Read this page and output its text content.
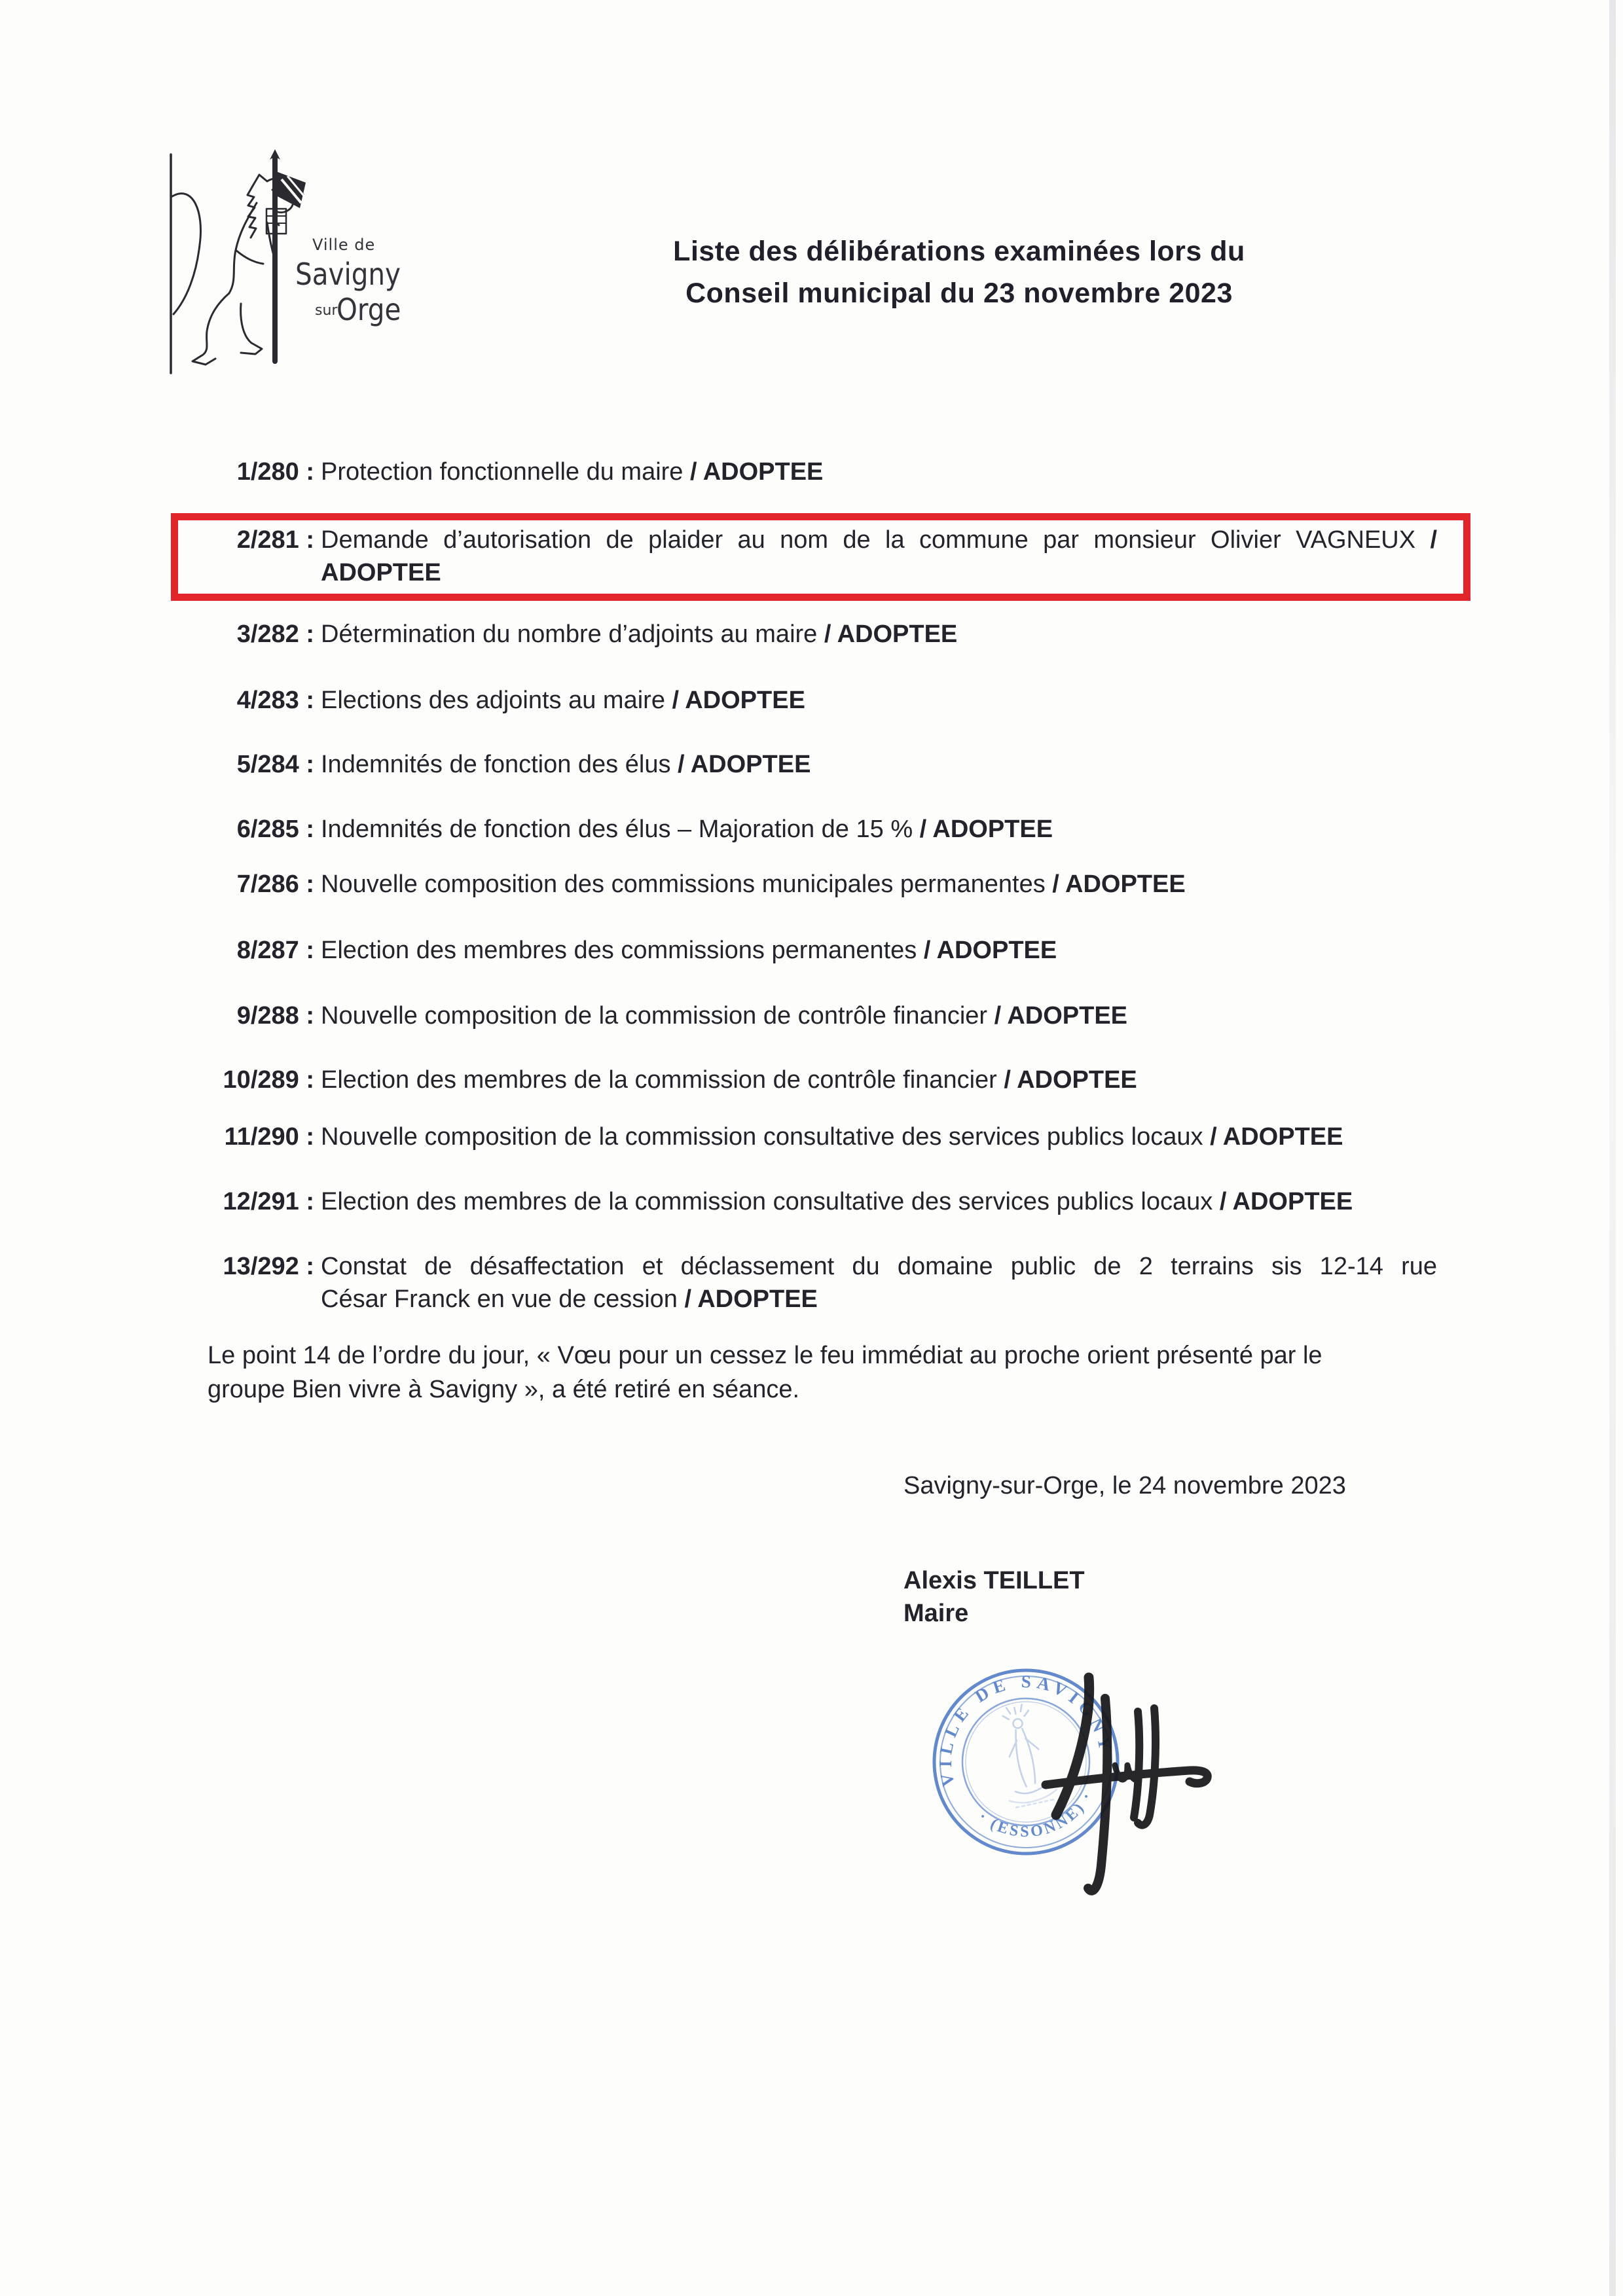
Ville de
Savigny
sur
Orge
Liste des délibérations examinées lors du
Conseil municipal du 23 novembre 2023
1/280 : Protection fonctionnelle du maire / ADOPTEE
2/281 : Demande d’autorisation de plaider au nom de la commune par monsieur Olivier VAGNEUX /
ADOPTEE
3/282 : Détermination du nombre d’adjoints au maire / ADOPTEE
4/283 : Elections des adjoints au maire / ADOPTEE
5/284 : Indemnités de fonction des élus / ADOPTEE
6/285 : Indemnités de fonction des élus – Majoration de 15 % / ADOPTEE
7/286 : Nouvelle composition des commissions municipales permanentes / ADOPTEE
8/287 : Election des membres des commissions permanentes / ADOPTEE
9/288 : Nouvelle composition de la commission de contrôle financier / ADOPTEE
10/289 : Election des membres de la commission de contrôle financier / ADOPTEE
11/290 : Nouvelle composition de la commission consultative des services publics locaux / ADOPTEE
12/291 : Election des membres de la commission consultative des services publics locaux / ADOPTEE
13/292 : Constat de désaffectation et déclassement du domaine public de 2 terrains sis 12-14 rue
César Franck en vue de cession / ADOPTEE
Le point 14 de l’ordre du jour, « Vœu pour un cessez le feu immédiat au proche orient présenté par le
groupe Bien vivre à Savigny », a été retiré en séance.
Savigny-sur-Orge, le 24 novembre 2023
Alexis TEILLET
Maire
VILLE DE SAVIGNY
· (ESSONNE) ·
